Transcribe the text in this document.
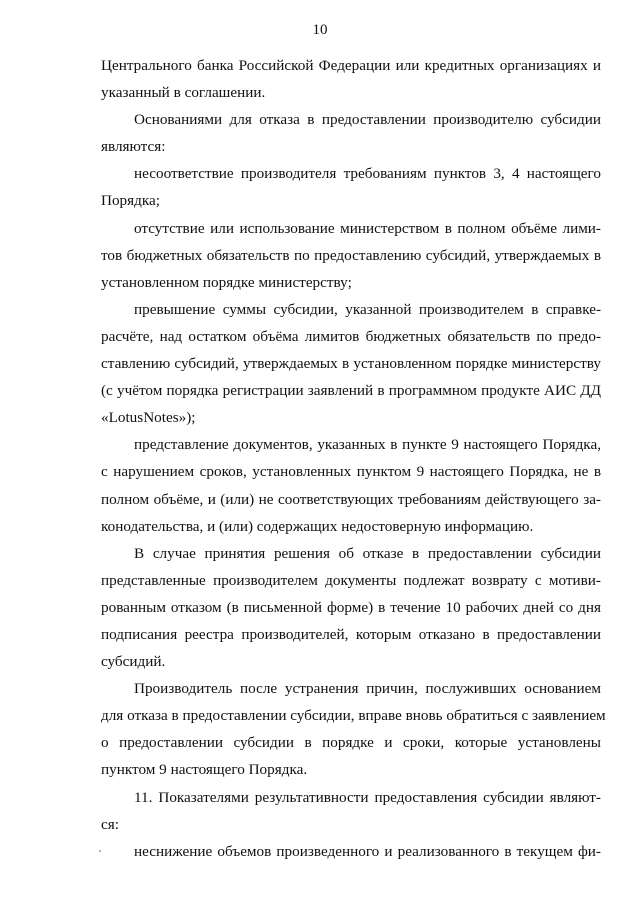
10
Центрального банка Российской Федерации или кредитных организациях и
указанный в соглашении.
Основаниями для отказа в предоставлении производителю субсидии
являются:
несоответствие производителя требованиям пунктов 3, 4 настоящего
Порядка;
отсутствие или использование министерством в полном объёме лими-
тов бюджетных обязательств по предоставлению субсидий, утверждаемых в
установленном порядке министерству;
превышение суммы субсидии, указанной производителем в справке-
расчёте, над остатком объёма лимитов бюджетных обязательств по предо-
ставлению субсидий, утверждаемых в установленном порядке министерству
(с учётом порядка регистрации заявлений в программном продукте АИС ДД
«LotusNotes»);
представление документов, указанных в пункте 9 настоящего Порядка,
с нарушением сроков, установленных пунктом 9 настоящего Порядка, не в
полном объёме, и (или) не соответствующих требованиям действующего за-
конодательства, и (или) содержащих недостоверную информацию.
В случае принятия решения об отказе в предоставлении субсидии
представленные производителем документы подлежат возврату с мотиви-
рованным отказом (в письменной форме) в течение 10 рабочих дней со дня
подписания реестра производителей, которым отказано в предоставлении
субсидий.
Производитель после устранения причин, послуживших основанием
для отказа в предоставлении субсидии, вправе вновь обратиться с заявлением
о предоставлении субсидии в порядке и сроки, которые установлены
пунктом 9 настоящего Порядка.
11. Показателями результативности предоставления субсидии являют-
ся:
неснижение объемов произведенного и реализованного в текущем фи-
